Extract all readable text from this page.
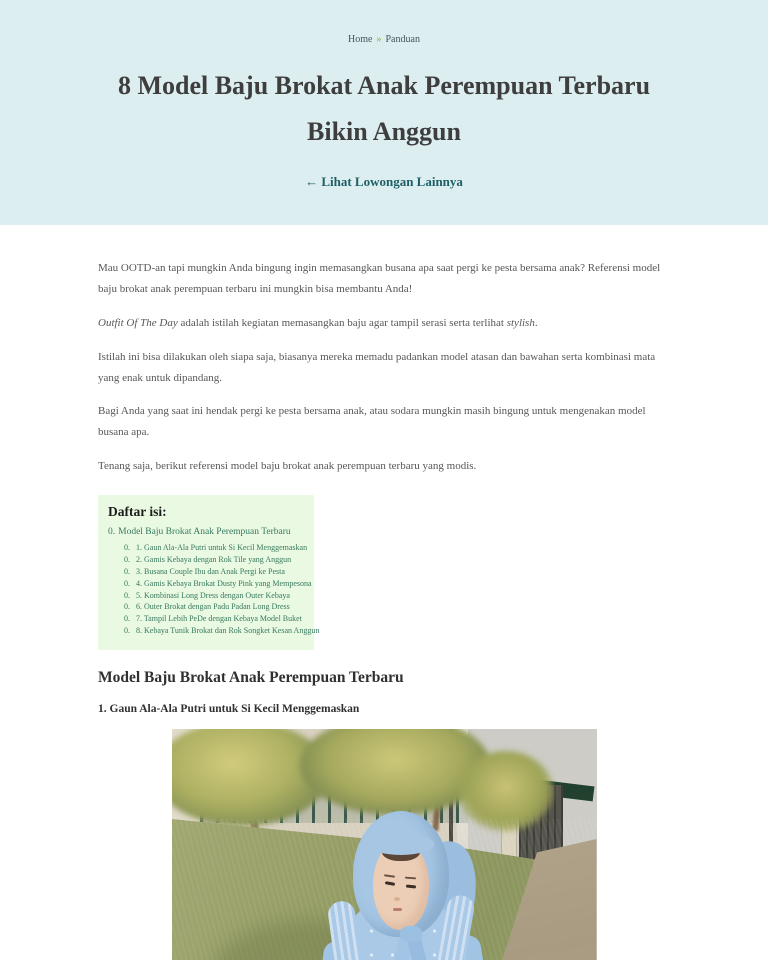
Home » Panduan
8 Model Baju Brokat Anak Perempuan Terbaru Bikin Anggun
← Lihat Lowongan Lainnya

Mau OOTD-an tapi mungkin Anda bingung ingin memasangkan busana apa saat pergi ke pesta bersama anak? Referensi model baju brokat anak perempuan terbaru ini mungkin bisa membantu Anda!

Outfit Of The Day adalah istilah kegiatan memasangkan baju agar tampil serasi serta terlihat stylish.

Istilah ini bisa dilakukan oleh siapa saja, biasanya mereka memadu padankan model atasan dan bawahan serta kombinasi mata yang enak untuk dipandang.

Bagi Anda yang saat ini hendak pergi ke pesta bersama anak, atau sodara mungkin masih bingung untuk mengenakan model busana apa.

Tenang saja, berikut referensi model baju brokat anak perempuan terbaru yang modis.

Daftar isi:
0. Model Baju Brokat Anak Perempuan Terbaru
0. 1. Gaun Ala-Ala Putri untuk Si Kecil Menggemaskan
0. 2. Gamis Kebaya dengan Rok Tile yang Anggun
0. 3. Busana Couple Ibu dan Anak Pergi ke Pesta
0. 4. Gamis Kebaya Brokat Dusty Pink yang Mempesona
0. 5. Kombinasi Long Dress dengan Outer Kebaya
0. 6. Outer Brokat dengan Padu Padan Long Dress
0. 7. Tampil Lebih PeDe dengan Kebaya Model Buket
0. 8. Kebaya Tunik Brokat dan Rok Songket Kesan Anggun
Model Baju Brokat Anak Perempuan Terbaru
1. Gaun Ala-Ala Putri untuk Si Kecil Menggemaskan
